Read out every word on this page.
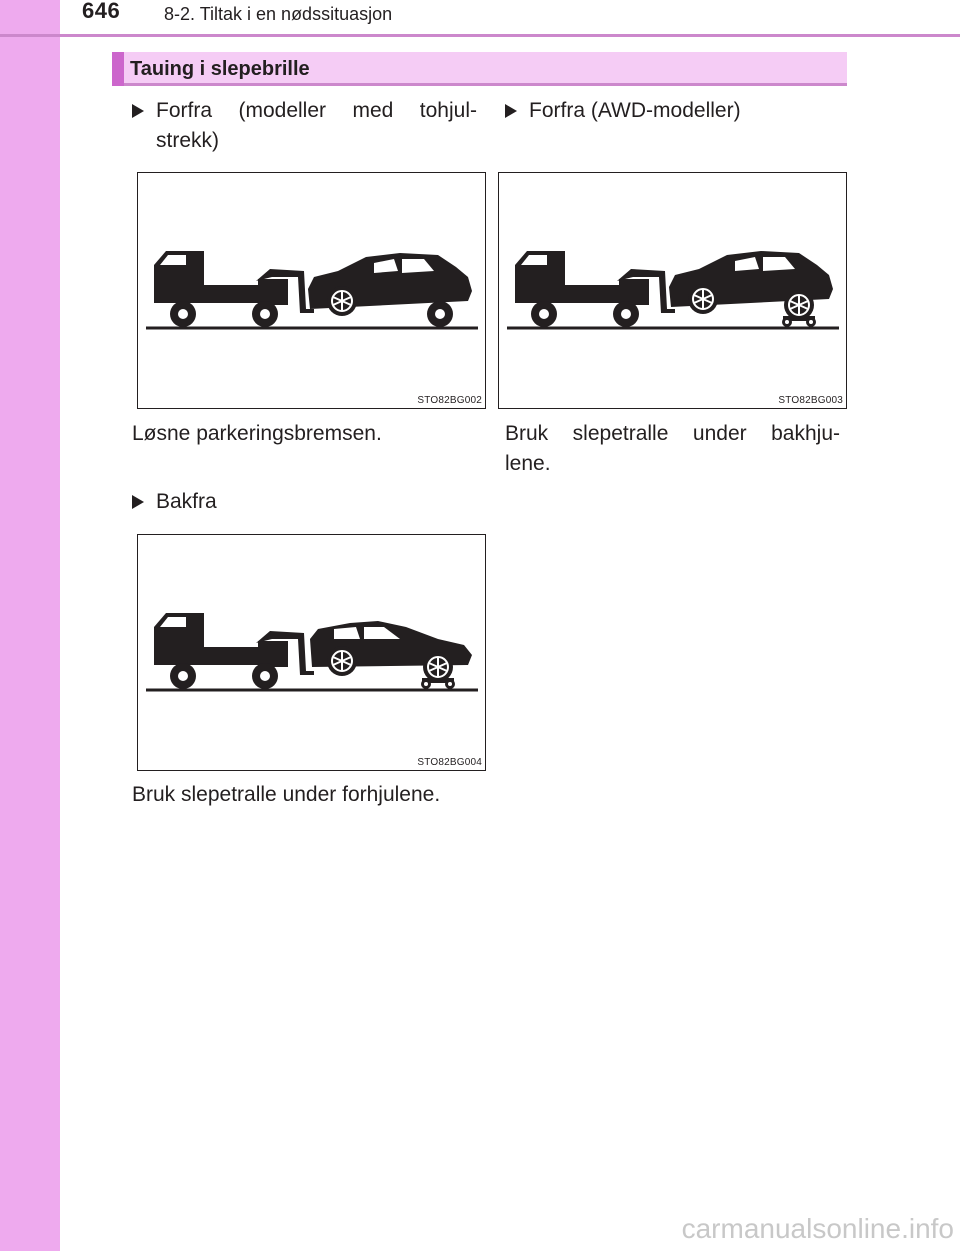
646 8-2. Tiltak i en nødssituasjon
Tauing i slepebrille
Forfra (modeller med tohjul-
strekk)
Forfra (AWD-modeller)
STO82BG002	STO82BG003
Løsne parkeringsbremsen.	Bruk slepetralle under bakhju-
lene.
Bakfra
STO82BG004
Bruk slepetralle under forhjulene.
carmanualsonline.info
